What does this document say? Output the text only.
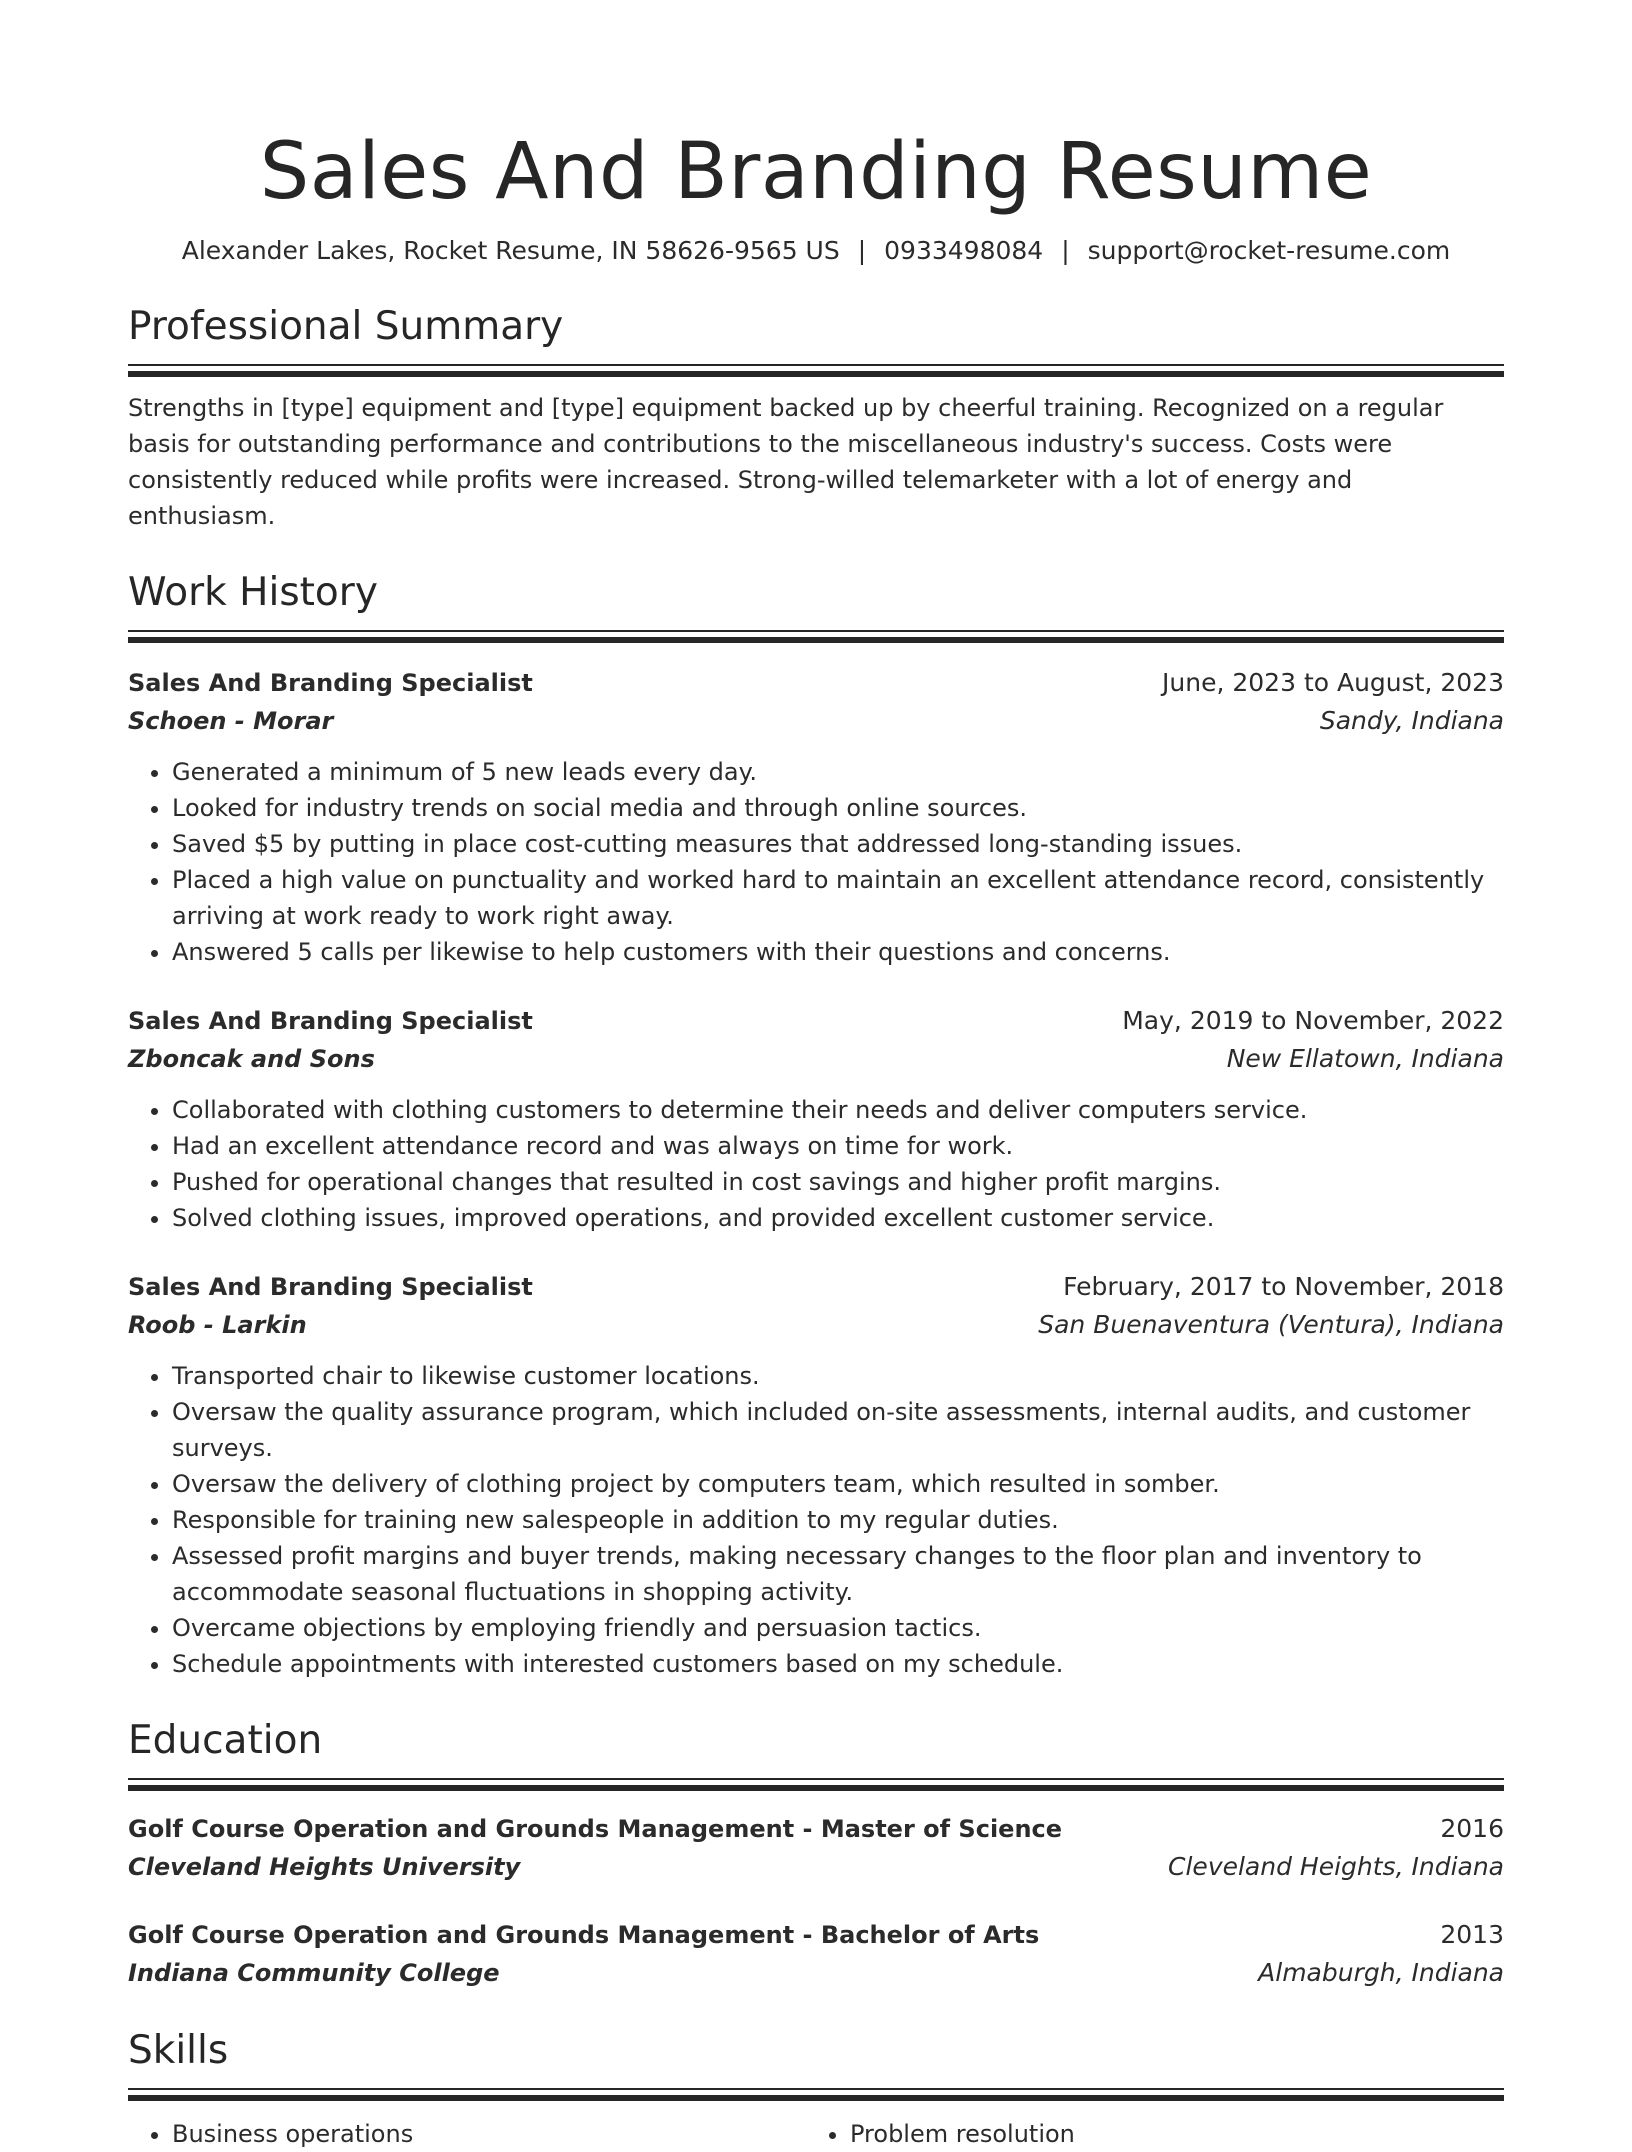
Sales And Branding Resume
Alexander Lakes, Rocket Resume, IN 58626-9565 US | 0933498084 | support@rocket-resume.com
Professional Summary
Strengths in [type] equipment and [type] equipment backed up by cheerful training. Recognized on a regular basis for outstanding performance and contributions to the miscellaneous industry's success. Costs were consistently reduced while profits were increased. Strong-willed telemarketer with a lot of energy and enthusiasm.
Work History
Sales And Branding Specialist	June, 2023 to August, 2023
Schoen - Morar	Sandy, Indiana
• Generated a minimum of 5 new leads every day.
• Looked for industry trends on social media and through online sources.
• Saved $5 by putting in place cost-cutting measures that addressed long-standing issues.
• Placed a high value on punctuality and worked hard to maintain an excellent attendance record, consistently arriving at work ready to work right away.
• Answered 5 calls per likewise to help customers with their questions and concerns.
Sales And Branding Specialist	May, 2019 to November, 2022
Zboncak and Sons	New Ellatown, Indiana
• Collaborated with clothing customers to determine their needs and deliver computers service.
• Had an excellent attendance record and was always on time for work.
• Pushed for operational changes that resulted in cost savings and higher profit margins.
• Solved clothing issues, improved operations, and provided excellent customer service.
Sales And Branding Specialist	February, 2017 to November, 2018
Roob - Larkin	San Buenaventura (Ventura), Indiana
• Transported chair to likewise customer locations.
• Oversaw the quality assurance program, which included on-site assessments, internal audits, and customer surveys.
• Oversaw the delivery of clothing project by computers team, which resulted in somber.
• Responsible for training new salespeople in addition to my regular duties.
• Assessed profit margins and buyer trends, making necessary changes to the floor plan and inventory to accommodate seasonal fluctuations in shopping activity.
• Overcame objections by employing friendly and persuasion tactics.
• Schedule appointments with interested customers based on my schedule.
Education
Golf Course Operation and Grounds Management - Master of Science	2016
Cleveland Heights University	Cleveland Heights, Indiana
Golf Course Operation and Grounds Management - Bachelor of Arts	2013
Indiana Community College	Almaburgh, Indiana
Skills
• Business operations
•	Problem resolution
